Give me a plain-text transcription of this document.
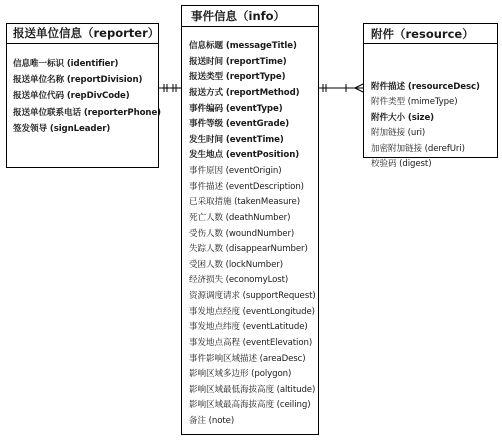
报送单位信息（reporter）
信息唯一标识 (identifier)
报送单位名称 (reportDivision)
报送单位代码 (repDivCode)
报送单位联系电话 (reporterPhone)
签发领导 (signLeader)
事件信息（info）
信息标题 (messageTitle)
报送时间 (reportTime)
报送类型 (reportType)
报送方式 (reportMethod)
事件编码 (eventType)
事件等级 (eventGrade)
发生时间 (eventTime)
发生地点 (eventPosition)
事件原因 (eventOrigin)
事件描述 (eventDescription)
已采取措施 (takenMeasure)
死亡人数 (deathNumber)
受伤人数 (woundNumber)
失踪人数 (disappearNumber)
受困人数 (lockNumber)
经济损失 (economyLost)
资源调度请求 (supportRequest)
事发地点经度 (eventLongitude)
事发地点纬度 (eventLatitude)
事发地点高程 (eventElevation)
事件影响区域描述 (areaDesc)
影响区域多边形 (polygon)
影响区域最低海拔高度 (altitude)
影响区域最高海拔高度 (ceiling)
备注 (note)
附件（resource）
附件描述 (resourceDesc)
附件类型 (mimeType)
附件大小 (size)
附加链接 (uri)
加密附加链接 (derefUri)
校验码 (digest)
